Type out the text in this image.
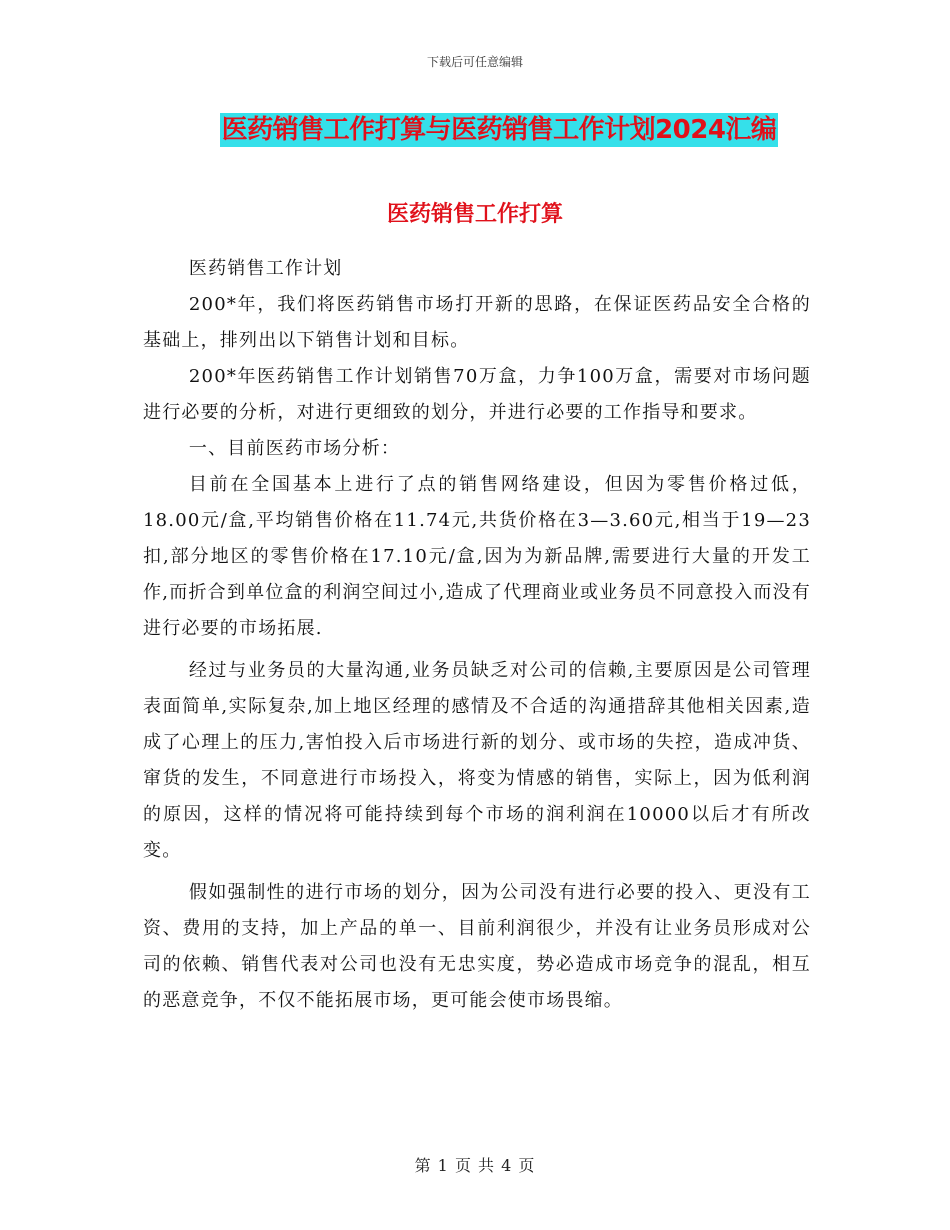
下载后可任意编辑
医药销售工作打算与医药销售工作计划2024汇编
医药销售工作打算

医药销售工作计划

200*年，我们将医药销售市场打开新的思路，在保证医药品安全合格的基础上，排列出以下销售计划和目标。

200*年医药销售工作计划销售70万盒，力争100万盒，需要对市场问题进行必要的分析，对进行更细致的划分，并进行必要的工作指导和要求。

一、目前医药市场分析：

目前在全国基本上进行了点的销售网络建设，但因为零售价格过低，18.00元/盒,平均销售价格在11.74元,共货价格在3—3.60元,相当于19—23扣,部分地区的零售价格在17.10元/盒,因为为新品牌,需要进行大量的开发工作,而折合到单位盒的利润空间过小,造成了代理商业或业务员不同意投入而没有进行必要的市场拓展.

经过与业务员的大量沟通,业务员缺乏对公司的信赖,主要原因是公司管理表面简单,实际复杂,加上地区经理的感情及不合适的沟通措辞其他相关因素,造成了心理上的压力,害怕投入后市场进行新的划分、或市场的失控，造成冲货、窜货的发生，不同意进行市场投入，将变为情感的销售，实际上，因为低利润的原因，这样的情况将可能持续到每个市场的润利润在10000以后才有所改变。

假如强制性的进行市场的划分，因为公司没有进行必要的投入、更没有工资、费用的支持，加上产品的单一、目前利润很少，并没有让业务员形成对公司的依赖、销售代表对公司也没有无忠实度，势必造成市场竞争的混乱，相互的恶意竞争，不仅不能拓展市场，更可能会使市场畏缩。

第 1 页 共 4 页
